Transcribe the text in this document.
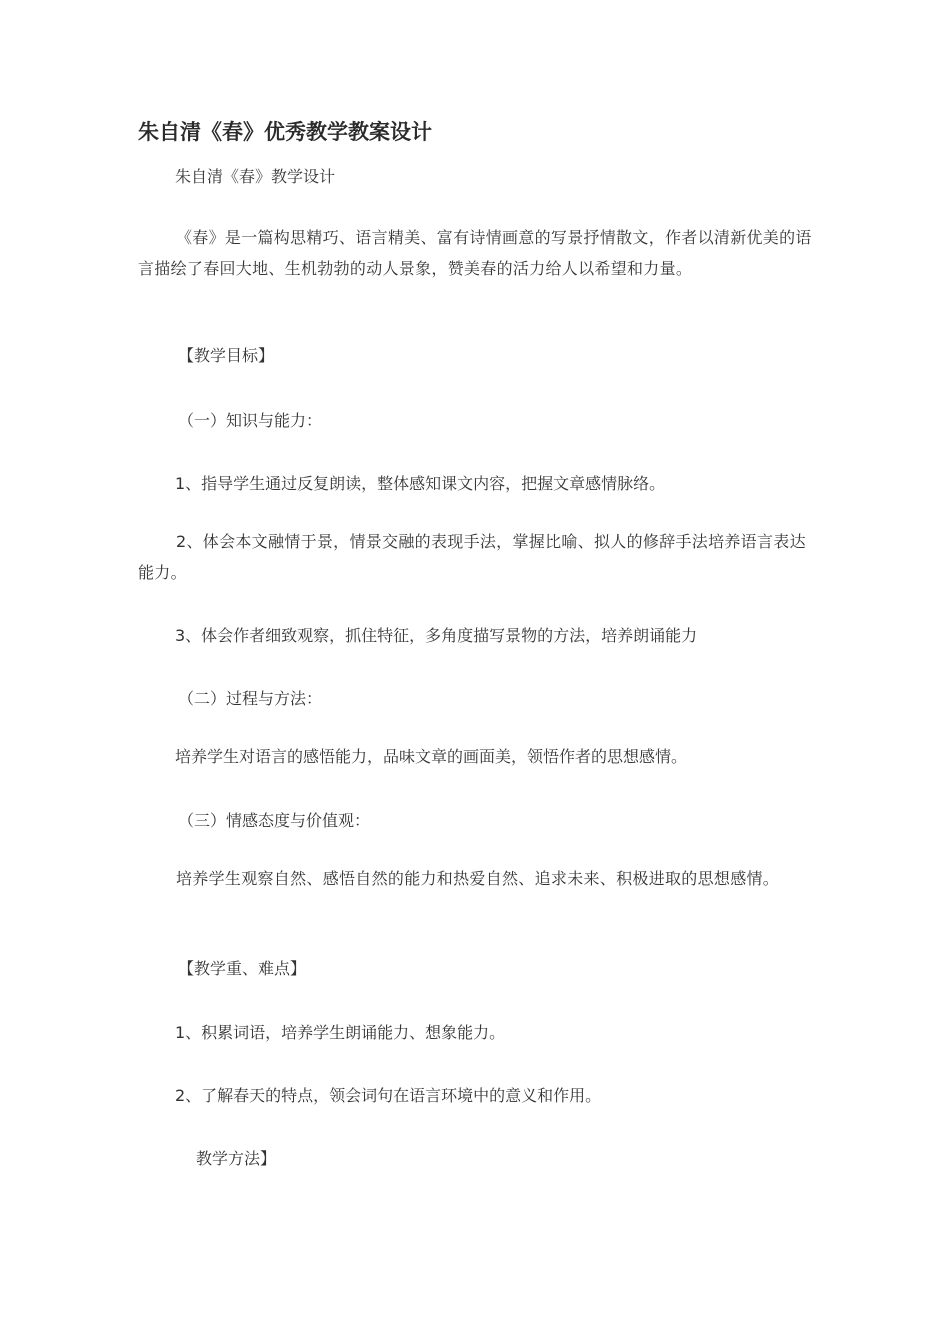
朱自清《春》优秀教学教案设计

朱自清《春》教学设计

《春》是一篇构思精巧、语言精美、富有诗情画意的写景抒情散文，作者以清新优美的语言描绘了春回大地、生机勃勃的动人景象，赞美春的活力给人以希望和力量。

【教学目标】

（一）知识与能力：

1、指导学生通过反复朗读，整体感知课文内容，把握文章感情脉络。

2、体会本文融情于景，情景交融的表现手法，掌握比喻、拟人的修辞手法培养语言表达能力。

3、体会作者细致观察，抓住特征，多角度描写景物的方法，培养朗诵能力

（二）过程与方法：

培养学生对语言的感悟能力，品味文章的画面美，领悟作者的思想感情。

（三）情感态度与价值观：

培养学生观察自然、感悟自然的能力和热爱自然、追求未来、积极进取的思想感情。

【教学重、难点】

1、积累词语，培养学生朗诵能力、想象能力。

2、了解春天的特点，领会词句在语言环境中的意义和作用。

教学方法】
